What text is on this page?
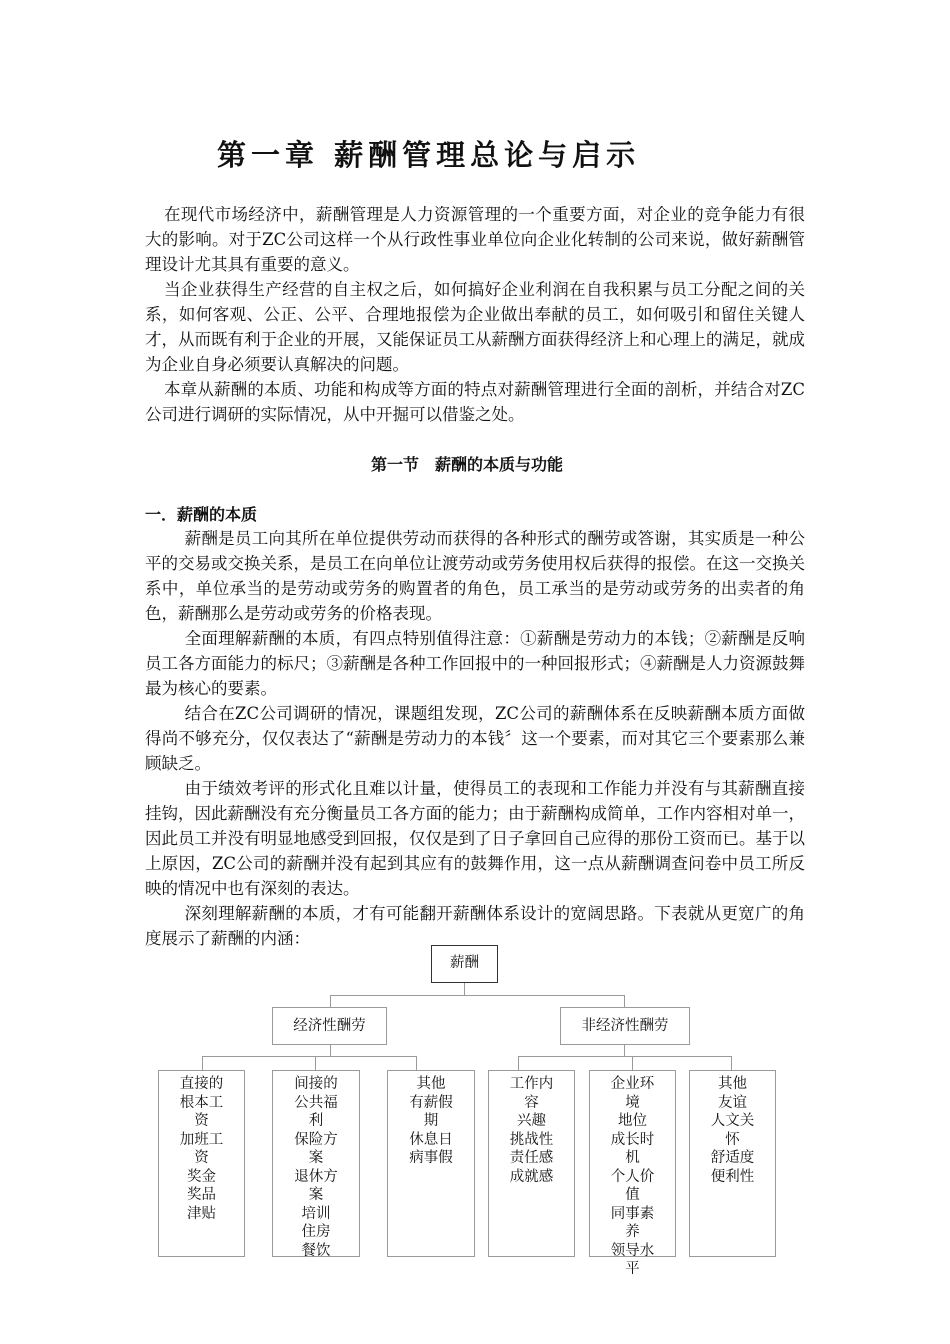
第一章 薪酬管理总论与启示

在现代市场经济中，薪酬管理是人力资源管理的一个重要方面，对企业的竞争能力有很大的影响。对于ZC公司这样一个从行政性事业单位向企业化转制的公司来说，做好薪酬管理设计尤其具有重要的意义。

当企业获得生产经营的自主权之后，如何搞好企业利润在自我积累与员工分配之间的关系，如何客观、公正、公平、合理地报偿为企业做出奉献的员工，如何吸引和留住关键人才，从而既有利于企业的开展，又能保证员工从薪酬方面获得经济上和心理上的满足，就成为企业自身必须要认真解决的问题。

本章从薪酬的本质、功能和构成等方面的特点对薪酬管理进行全面的剖析，并结合对ZC公司进行调研的实际情况，从中开掘可以借鉴之处。

第一节 薪酬的本质与功能
一．薪酬的本质

薪酬是员工向其所在单位提供劳动而获得的各种形式的酬劳或答谢，其实质是一种公平的交易或交换关系，是员工在向单位让渡劳动或劳务使用权后获得的报偿。在这一交换关系中，单位承当的是劳动或劳务的购置者的角色，员工承当的是劳动或劳务的出卖者的角色，薪酬那么是劳动或劳务的价格表现。

全面理解薪酬的本质，有四点特别值得注意：①薪酬是劳动力的本钱；②薪酬是反响员工各方面能力的标尺；③薪酬是各种工作回报中的一种回报形式；④薪酬是人力资源鼓舞最为核心的要素。

结合在ZC公司调研的情况，课题组发现，ZC公司的薪酬体系在反映薪酬本质方面做得尚不够充分，仅仅表达了“薪酬是劳动力的本钱〞这一个要素，而对其它三个要素那么兼顾缺乏。

由于绩效考评的形式化且难以计量，使得员工的表现和工作能力并没有与其薪酬直接挂钩，因此薪酬没有充分衡量员工各方面的能力；由于薪酬构成简单，工作内容相对单一，因此员工并没有明显地感受到回报，仅仅是到了日子拿回自己应得的那份工资而已。基于以上原因，ZC公司的薪酬并没有起到其应有的鼓舞作用，这一点从薪酬调查问卷中员工所反映的情况中也有深刻的表达。

深刻理解薪酬的本质，才有可能翻开薪酬体系设计的宽阔思路。下表就从更宽广的角度展示了薪酬的内涵：

薪酬
经济性酬劳	非经济性酬劳
直接的根本工资
加班工资
奖金
奖品
津贴
间接的公共福利
保险方案
退休方案
培训
住房
餐饮
其他
有薪假期
休息日
病事假
工作内容
兴趣
挑战性
责任感
成就感
企业环境
地位
成长时机
个人价值
同事素养
领导水平
其他
友谊
人文关怀
舒适度
便利性
